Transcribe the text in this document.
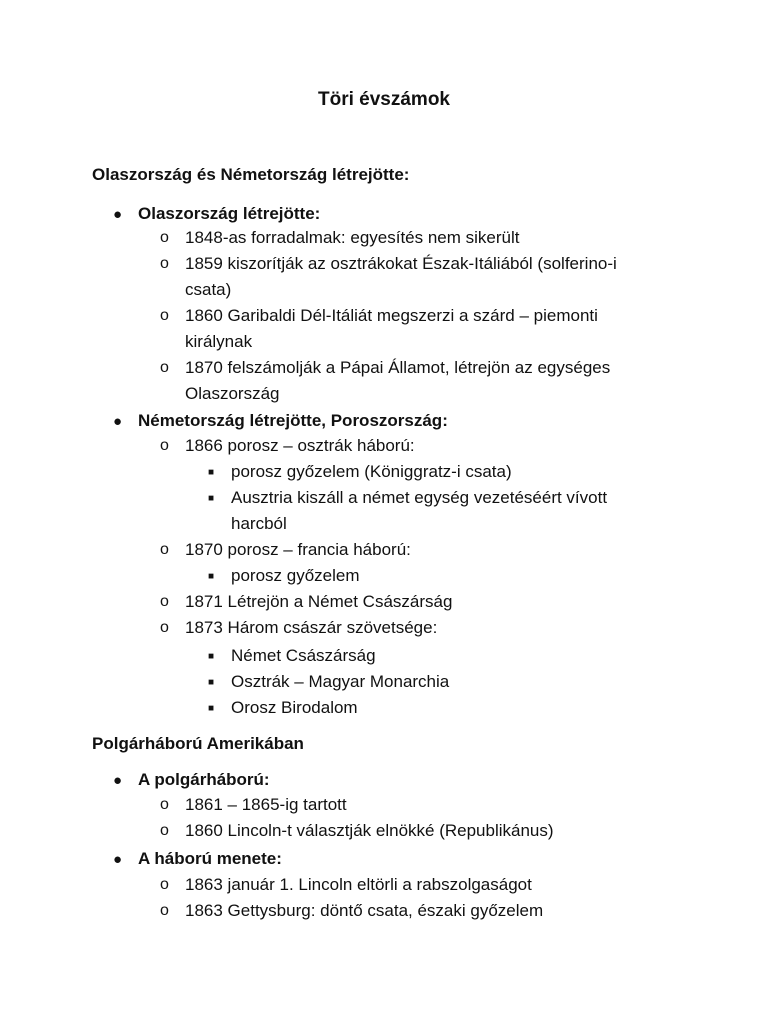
Töri évszámok
Olaszország és Németország létrejötte:
● Olaszország létrejötte:
o 1848-as forradalmak: egyesítés nem sikerült
o 1859 kiszorítják az osztrákokat Észak-Itáliából (solferino-i
csata)
o 1860 Garibaldi Dél-Itáliát megszerzi a szárd – piemonti
királynak
o 1870 felszámolják a Pápai Államot, létrejön az egységes
Olaszország
● Németország létrejötte, Poroszország:
o 1866 porosz – osztrák háború:
■ porosz győzelem (Königgratz-i csata)
■ Ausztria kiszáll a német egység vezetéséért vívott
harcból
o 1870 porosz – francia háború:
■ porosz győzelem
o 1871 Létrejön a Német Császárság
o 1873 Három császár szövetsége:
■ Német Császárság
■ Osztrák – Magyar Monarchia
■ Orosz Birodalom
Polgárháború Amerikában
● A polgárháború:
o 1861 – 1865-ig tartott
o 1860 Lincoln-t választják elnökké (Republikánus)
● A háború menete:
o 1863 január 1. Lincoln eltörli a rabszolgaságot
o 1863 Gettysburg: döntő csata, északi győzelem
